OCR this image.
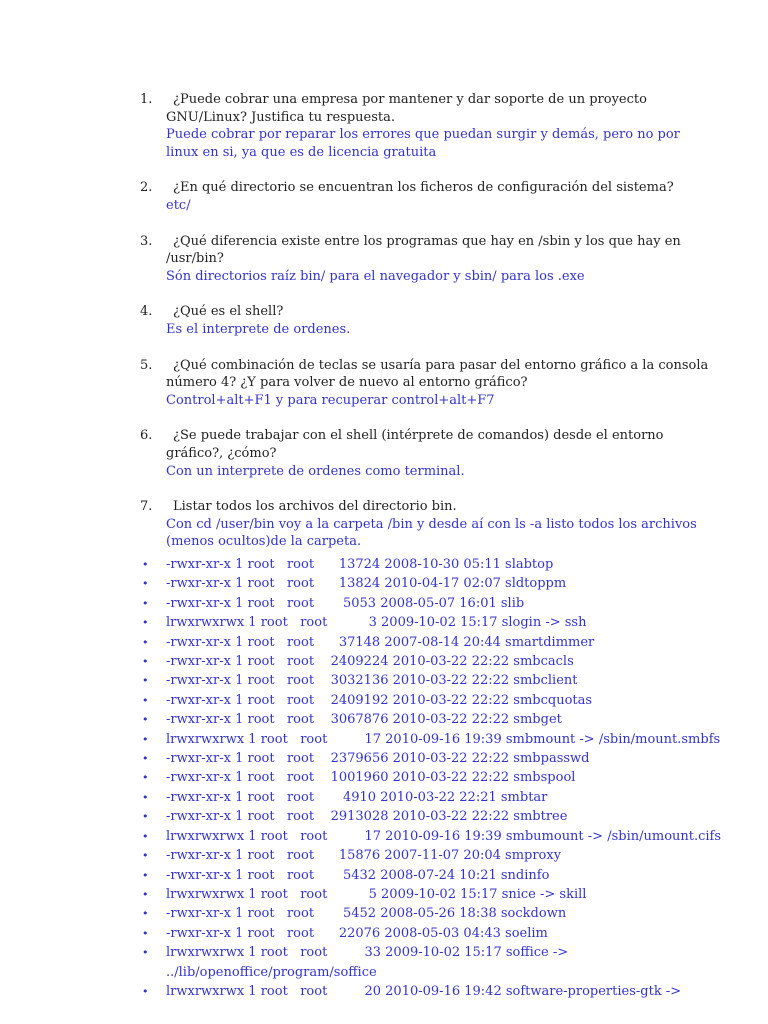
1.	¿Puede cobrar una empresa por mantener y dar soporte de un proyecto GNU/Linux? Justifica tu respuesta.
Puede cobrar por reparar los errores que puedan surgir y demás, pero no por linux en si, ya que es de licencia gratuita
2.	¿En qué directorio se encuentran los ficheros de configuración del sistema?
etc/
3.	¿Qué diferencia existe entre los programas que hay en /sbin y los que hay en /usr/bin?
Són directorios raíz bin/ para el navegador y sbin/ para los .exe
4.	¿Qué es el shell?
Es el interprete de ordenes.
5.	¿Qué combinación de teclas se usaría para pasar del entorno gráfico a la consola número 4? ¿Y para volver de nuevo al entorno gráfico?
Control+alt+F1 y para recuperar control+alt+F7
6.	¿Se puede trabajar con el shell (intérprete de comandos) desde el entorno gráfico?, ¿cómo?
Con un interprete de ordenes como terminal.
7.	Listar todos los archivos del directorio bin.
Con cd /user/bin voy a la carpeta /bin y desde aí con ls -a listo todos los archivos (menos ocultos)de la carpeta.
• -rwxr-xr-x 1 root   root      13724 2008-10-30 05:11 slabtop
• -rwxr-xr-x 1 root   root      13824 2010-04-17 02:07 sldtoppm
• -rwxr-xr-x 1 root   root       5053 2008-05-07 16:01 slib
• lrwxrwxrwx 1 root   root          3 2009-10-02 15:17 slogin -> ssh
• -rwxr-xr-x 1 root   root      37148 2007-08-14 20:44 smartdimmer
• -rwxr-xr-x 1 root   root    2409224 2010-03-22 22:22 smbcacls
• -rwxr-xr-x 1 root   root    3032136 2010-03-22 22:22 smbclient
• -rwxr-xr-x 1 root   root    2409192 2010-03-22 22:22 smbcquotas
• -rwxr-xr-x 1 root   root    3067876 2010-03-22 22:22 smbget
• lrwxrwxrwx 1 root   root         17 2010-09-16 19:39 smbmount -> /sbin/mount.smbfs
• -rwxr-xr-x 1 root   root    2379656 2010-03-22 22:22 smbpasswd
• -rwxr-xr-x 1 root   root    1001960 2010-03-22 22:22 smbspool
• -rwxr-xr-x 1 root   root       4910 2010-03-22 22:21 smbtar
• -rwxr-xr-x 1 root   root    2913028 2010-03-22 22:22 smbtree
• lrwxrwxrwx 1 root   root         17 2010-09-16 19:39 smbumount -> /sbin/umount.cifs
• -rwxr-xr-x 1 root   root      15876 2007-11-07 20:04 smproxy
• -rwxr-xr-x 1 root   root       5432 2008-07-24 10:21 sndinfo
• lrwxrwxrwx 1 root   root          5 2009-10-02 15:17 snice -> skill
• -rwxr-xr-x 1 root   root       5452 2008-05-26 18:38 sockdown
• -rwxr-xr-x 1 root   root      22076 2008-05-03 04:43 soelim
• lrwxrwxrwx 1 root   root         33 2009-10-02 15:17 soffice ->
../lib/openoffice/program/soffice
• lrwxrwxrwx 1 root   root         20 2010-09-16 19:42 software-properties-gtk ->
